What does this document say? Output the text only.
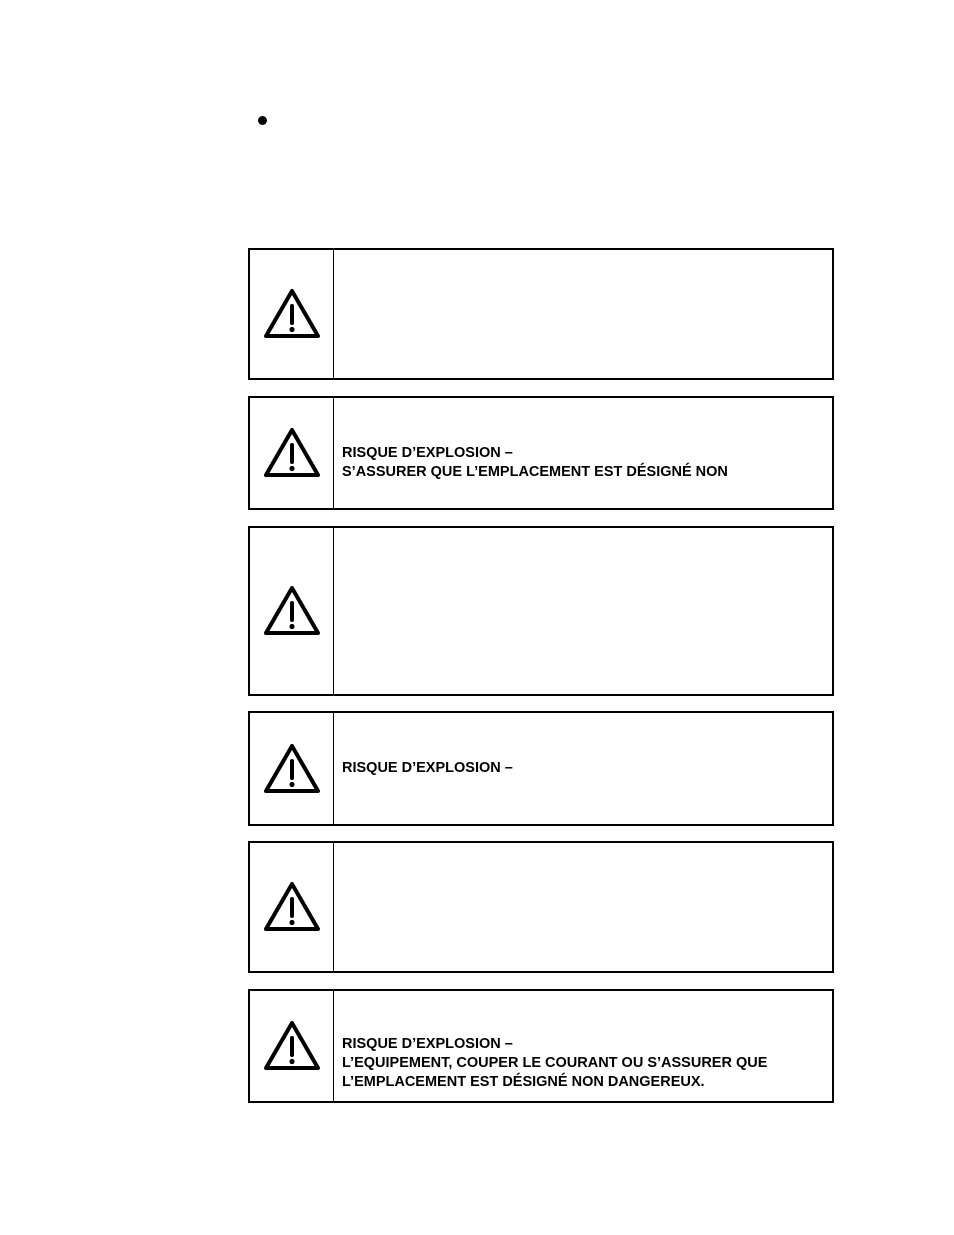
RISQUE D’EXPLOSION –
S’ASSURER QUE L’EMPLACEMENT EST DÉSIGNÉ NON
RISQUE D’EXPLOSION –
RISQUE D’EXPLOSION –
L’EQUIPEMENT, COUPER LE COURANT OU S’ASSURER QUE
L’EMPLACEMENT EST DÉSIGNÉ NON DANGEREUX.
